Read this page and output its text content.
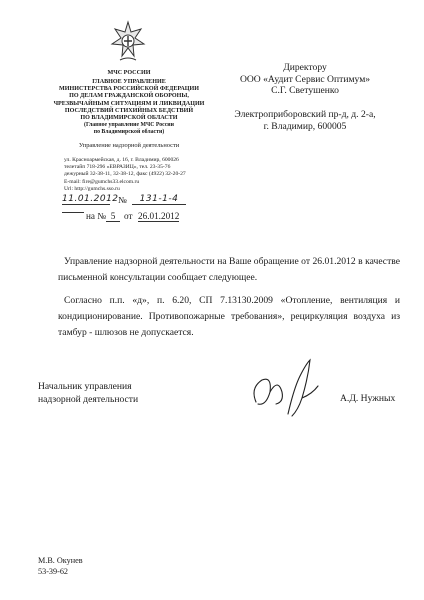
МЧС РОССИИ
ГЛАВНОЕ УПРАВЛЕНИЕ
МИНИСТЕРСТВА РОССИЙСКОЙ ФЕДЕРАЦИИ
ПО ДЕЛАМ ГРАЖДАНСКОЙ ОБОРОНЫ,
ЧРЕЗВЫЧАЙНЫМ СИТУАЦИЯМ И ЛИКВИДАЦИИ
ПОСЛЕДСТВИЙ СТИХИЙНЫХ БЕДСТВИЙ
ПО ВЛАДИМИРСКОЙ ОБЛАСТИ
(Главное управление МЧС России
по Владимирской области)
Управление надзорной деятельности
ул. Красноармейская, д. 16, г. Владимир, 600026
телетайп 718-296 «ЕВРАЗИЦ», тел. 23-35-76
дежурный 32-38-11, 32-38-12, факс (4922) 32-20-27
E-mail: fire@gumchs33.elcom.ru
Url: http://gumchs.sso.ru
11.01.2012 №	131-1-4
на № 5 от 26.01.2012
Директору
ООО «Аудит Сервис Оптимум»
С.Г. Светушенко
Электроприборовский пр-д, д. 2-а,
г. Владимир, 600005
Управление надзорной деятельности на Ваше обращение от 26.01.2012 в качестве письменной консультации сообщает следующее.
Согласно п.п. «д», п. 6.20, СП 7.13130.2009 «Отопление, вентиляция и кондиционирование. Противопожарные требования», рециркуляция воздуха из тамбур - шлюзов не допускается.
Начальник управления
надзорной деятельности	А.Д. Нужных
М.В. Окунев
53-39-62
